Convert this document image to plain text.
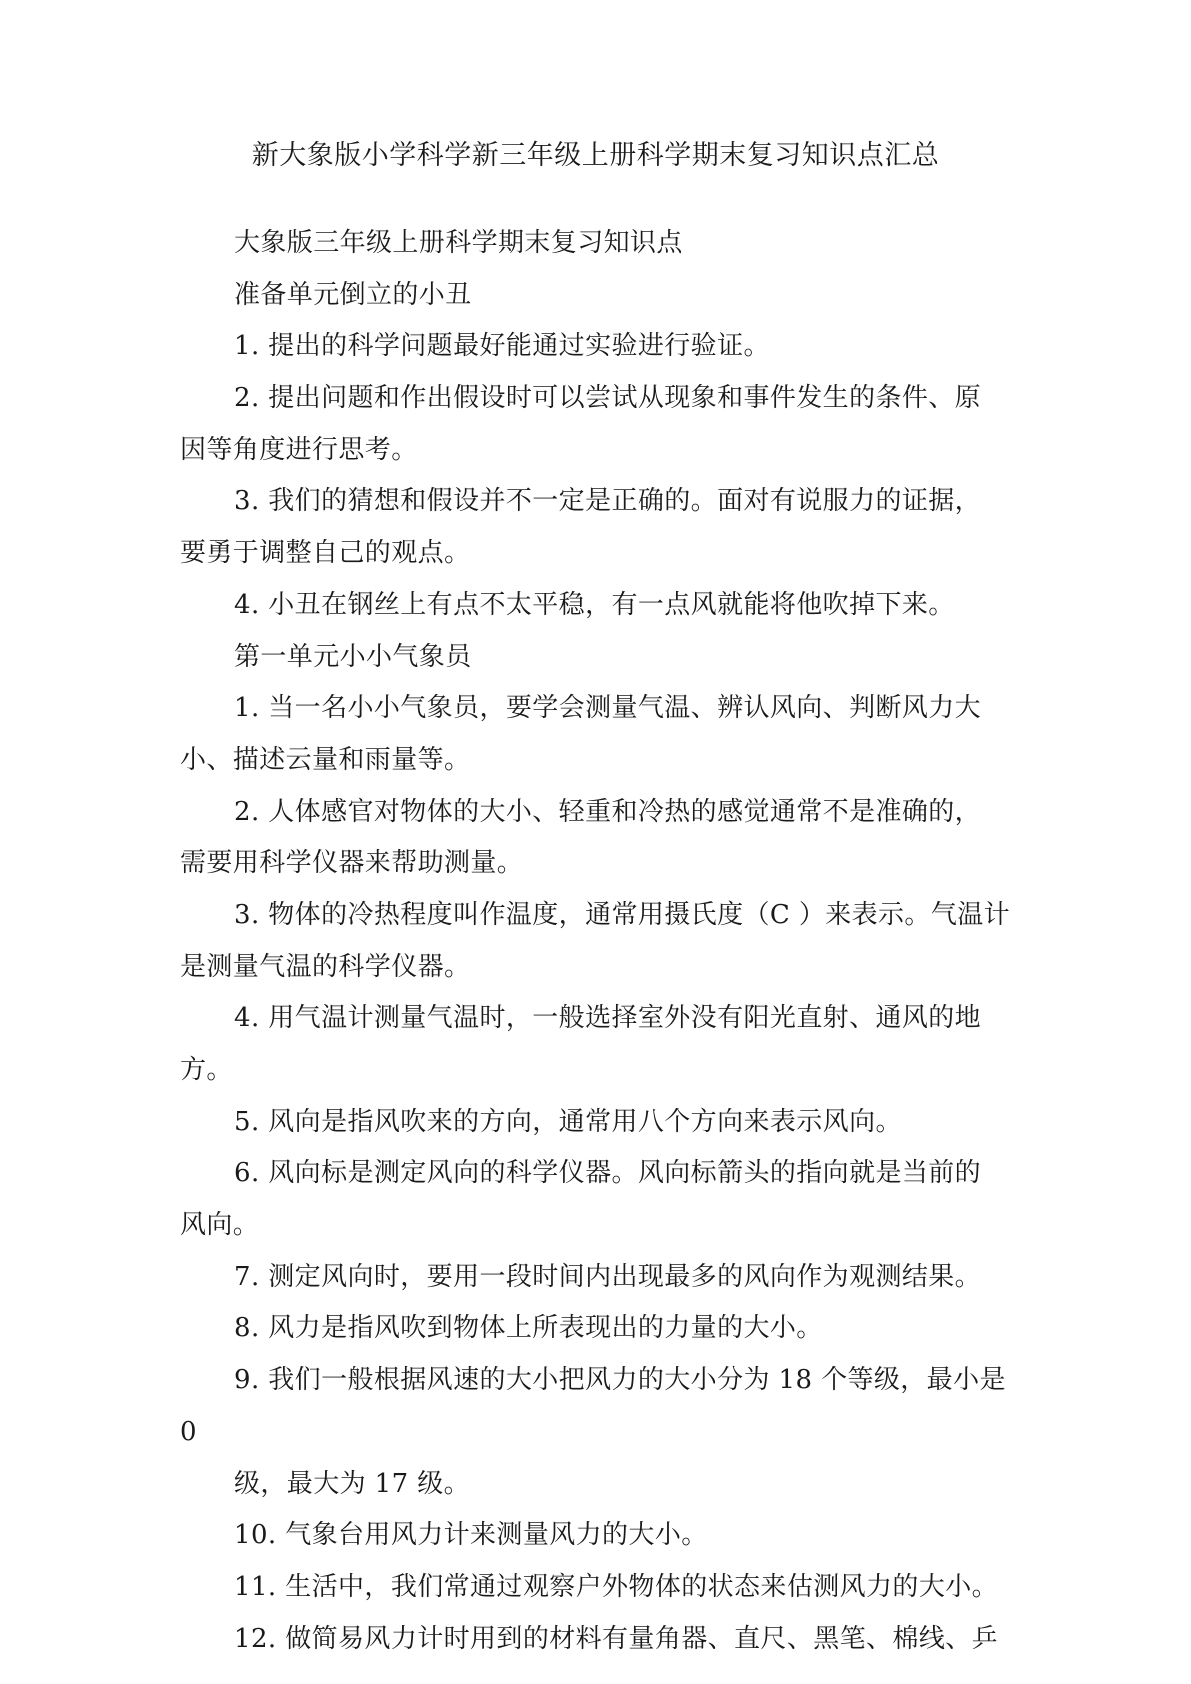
新大象版小学科学新三年级上册科学期末复习知识点汇总
大象版三年级上册科学期末复习知识点
准备单元倒立的小丑
1. 提出的科学问题最好能通过实验进行验证。
2. 提出问题和作出假设时可以尝试从现象和事件发生的条件、原
因等角度进行思考。
3. 我们的猜想和假设并不一定是正确的。面对有说服力的证据，
要勇于调整自己的观点。
4. 小丑在钢丝上有点不太平稳，有一点风就能将他吹掉下来。
第一单元小小气象员
1. 当一名小小气象员，要学会测量气温、辨认风向、判断风力大
小、描述云量和雨量等。
2. 人体感官对物体的大小、轻重和冷热的感觉通常不是准确的，
需要用科学仪器来帮助测量。
3. 物体的冷热程度叫作温度，通常用摄氏度（C ）来表示。气温计
是测量气温的科学仪器。
4. 用气温计测量气温时，一般选择室外没有阳光直射、通风的地
方。
5. 风向是指风吹来的方向，通常用八个方向来表示风向。
6. 风向标是测定风向的科学仪器。风向标箭头的指向就是当前的
风向。
7. 测定风向时，要用一段时间内出现最多的风向作为观测结果。
8. 风力是指风吹到物体上所表现出的力量的大小。
9. 我们一般根据风速的大小把风力的大小分为 18 个等级，最小是
0
级，最大为 17 级。
10. 气象台用风力计来测量风力的大小。
11. 生活中，我们常通过观察户外物体的状态来估测风力的大小。
12. 做简易风力计时用到的材料有量角器、直尺、黑笔、棉线、乒
